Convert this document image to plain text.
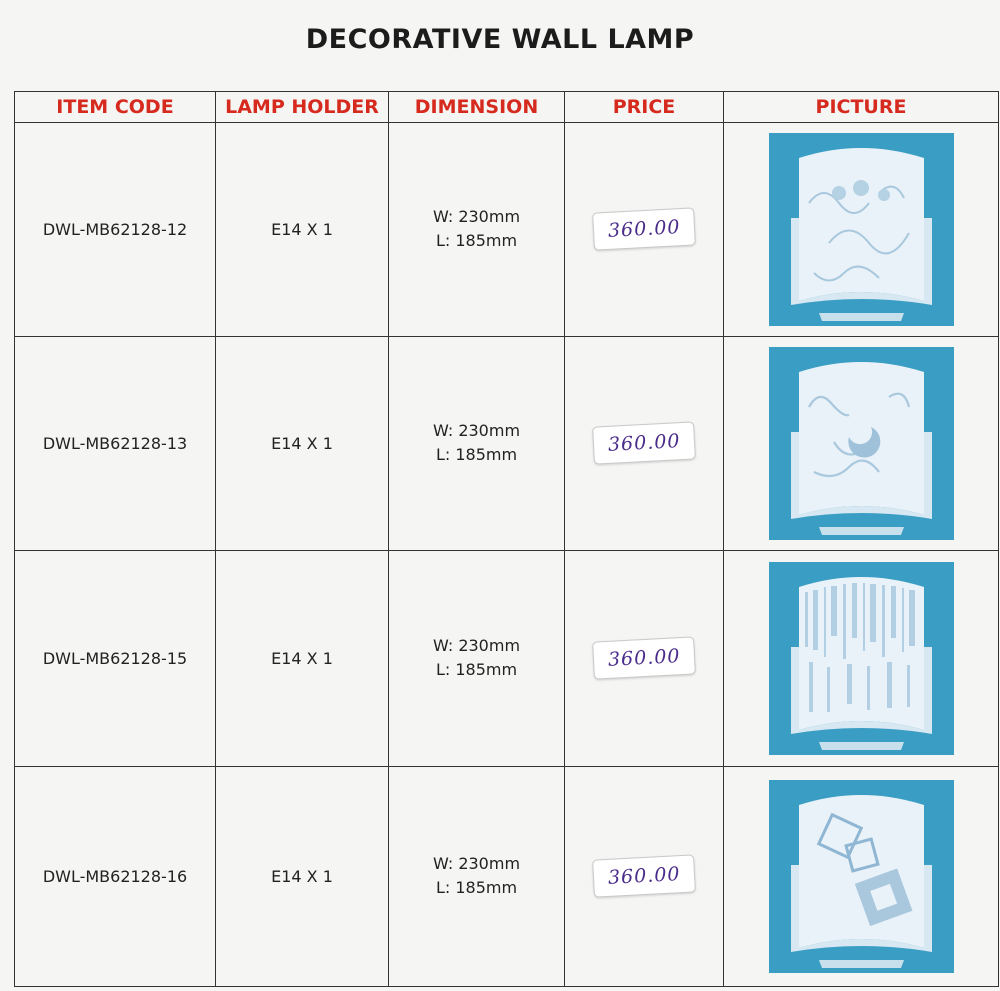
DECORATIVE WALL LAMP
ITEM CODE	LAMP HOLDER	DIMENSION	PRICE	PICTURE
DWL-MB62128-12	E14 X 1	W: 230mm
L: 185mm	360.00	

DWL-MB62128-13	E14 X 1	W: 230mm
L: 185mm	360.00	

DWL-MB62128-15	E14 X 1	W: 230mm
L: 185mm	360.00	

DWL-MB62128-16	E14 X 1	W: 230mm
L: 185mm	360.00	
